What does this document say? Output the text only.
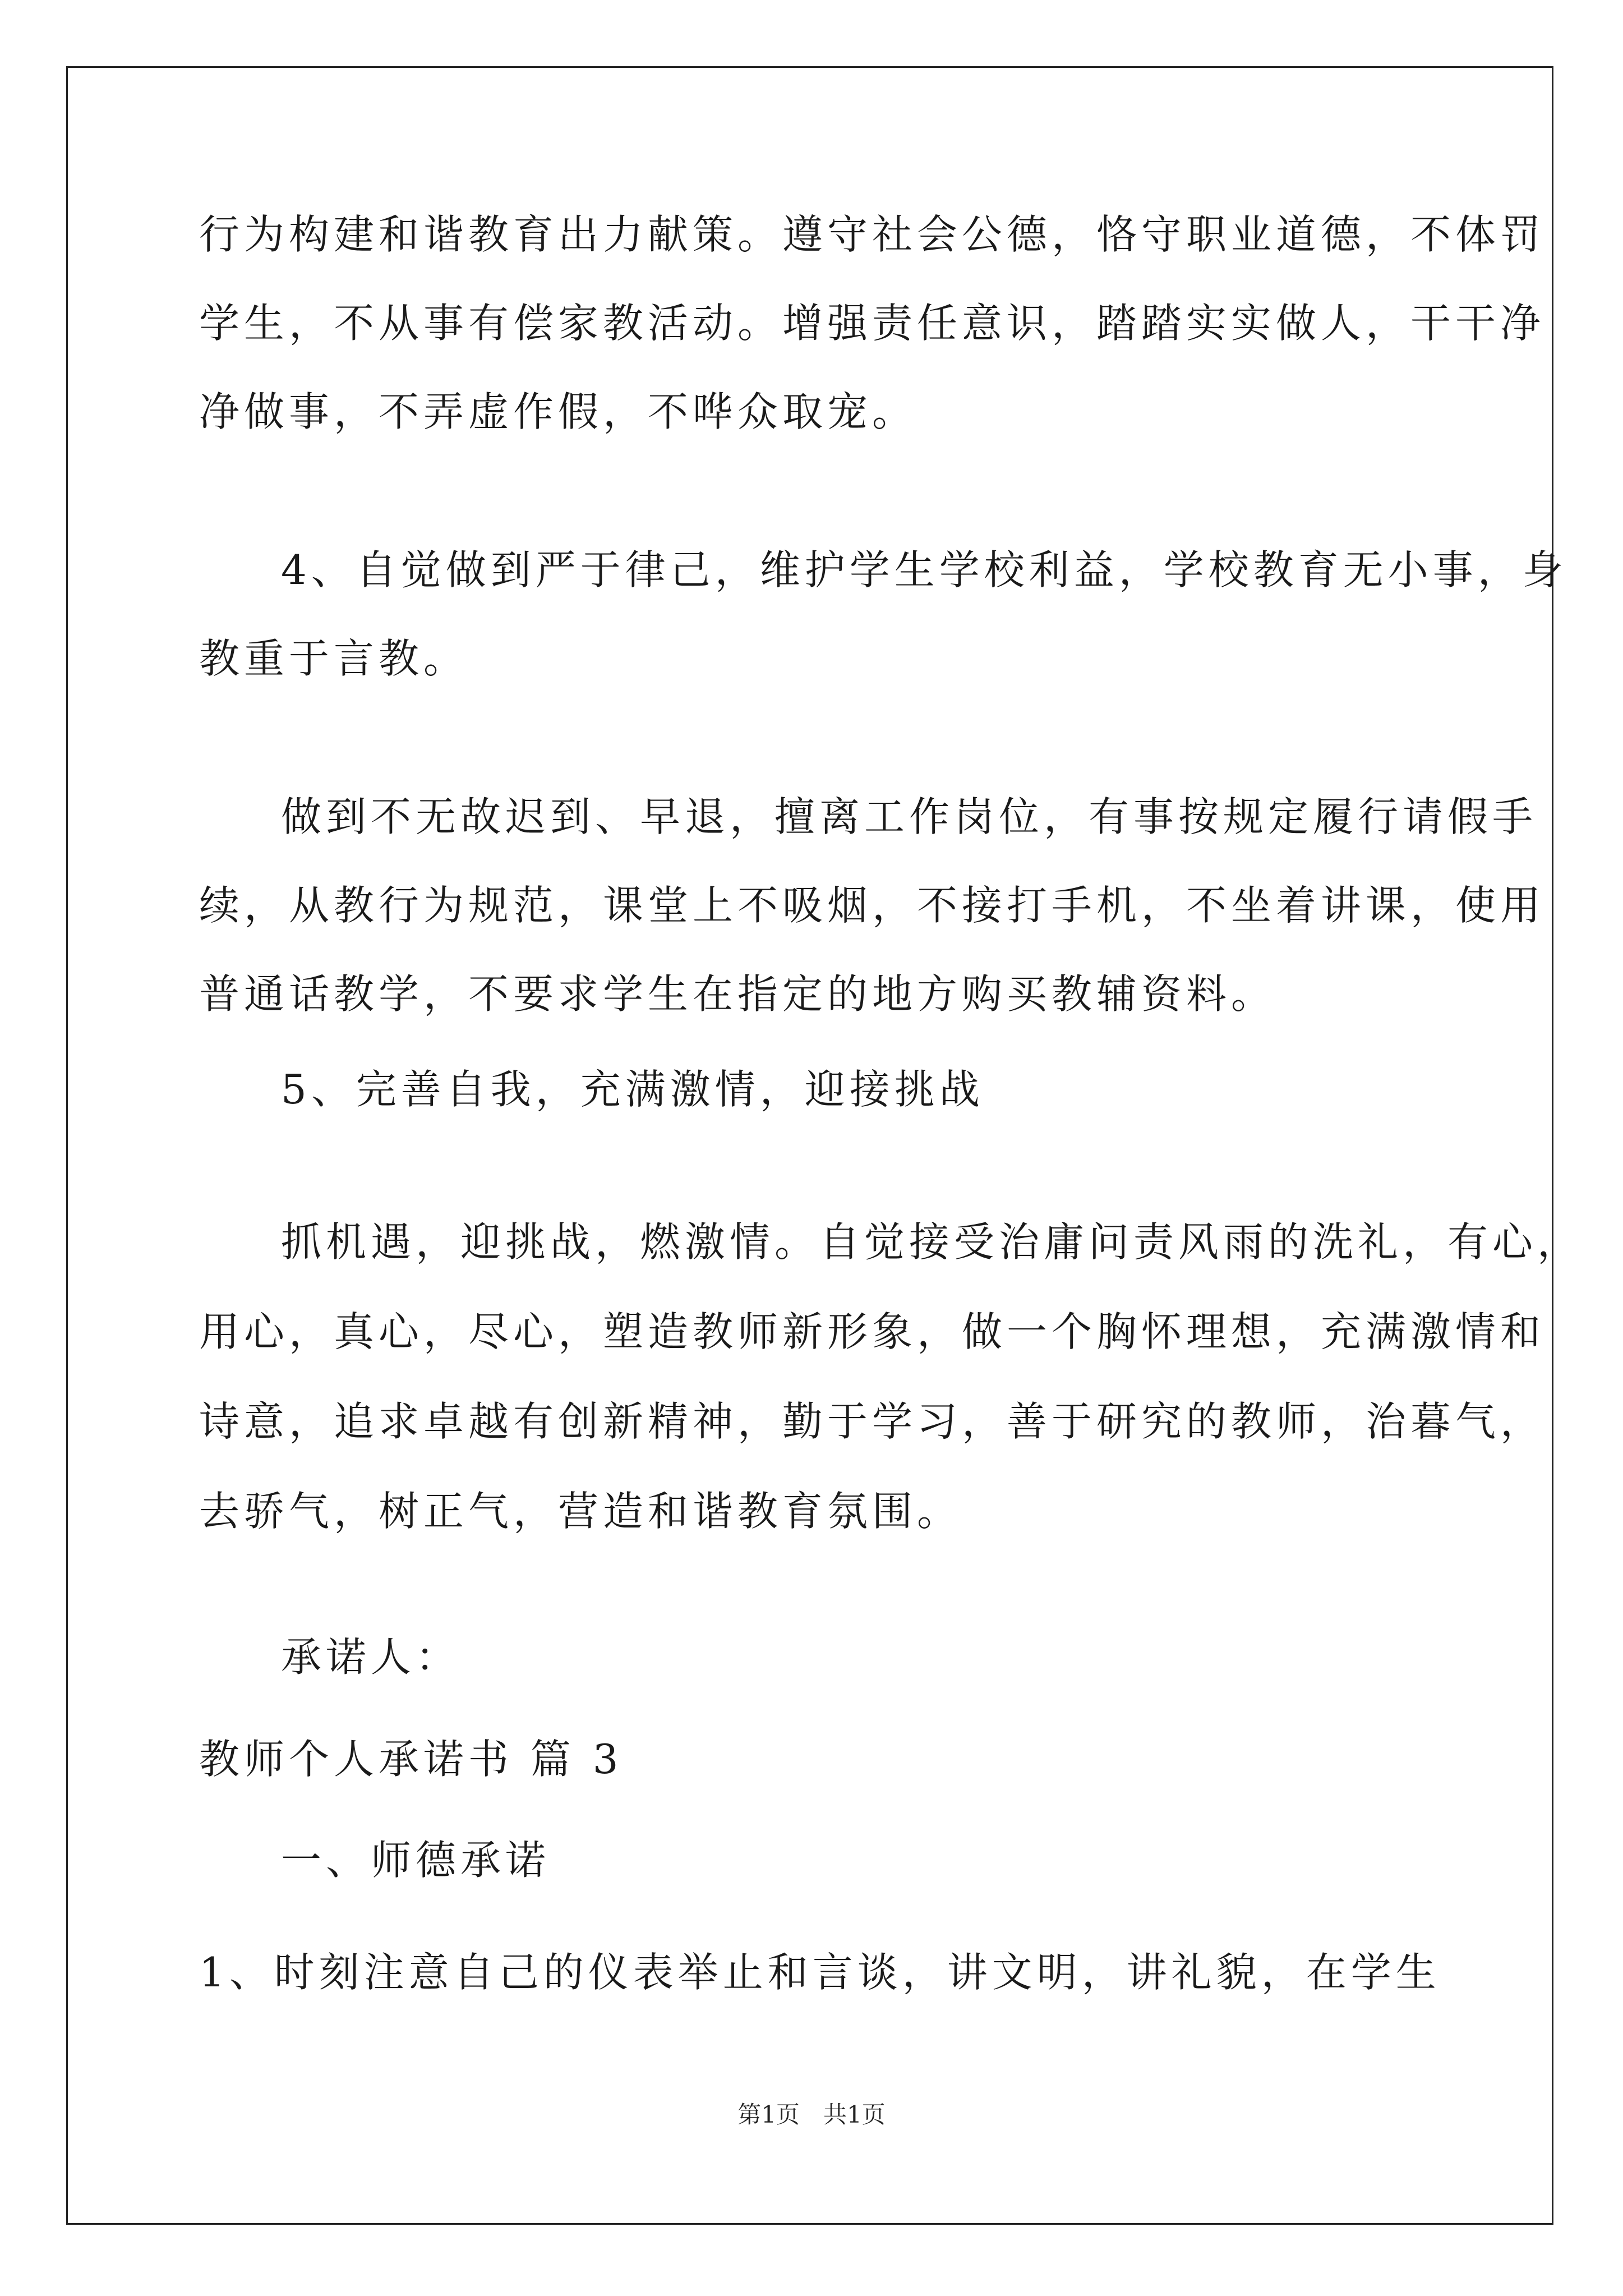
行为构建和谐教育出力献策。遵守社会公德，恪守职业道德，不体罚
学生，不从事有偿家教活动。增强责任意识，踏踏实实做人，干干净
净做事，不弄虚作假，不哗众取宠。
4、自觉做到严于律己，维护学生学校利益，学校教育无小事，身
教重于言教。
做到不无故迟到、早退，擅离工作岗位，有事按规定履行请假手
续，从教行为规范，课堂上不吸烟，不接打手机，不坐着讲课，使用
普通话教学，不要求学生在指定的地方购买教辅资料。
5、完善自我，充满激情，迎接挑战
抓机遇，迎挑战，燃激情。自觉接受治庸问责风雨的洗礼，有心，
用心，真心，尽心，塑造教师新形象，做一个胸怀理想，充满激情和
诗意，追求卓越有创新精神，勤于学习，善于研究的教师，治暮气，
去骄气，树正气，营造和谐教育氛围。
承诺人：
教师个人承诺书 篇 3
一、师德承诺
1、时刻注意自己的仪表举止和言谈，讲文明，讲礼貌，在学生
第1页　共1页
